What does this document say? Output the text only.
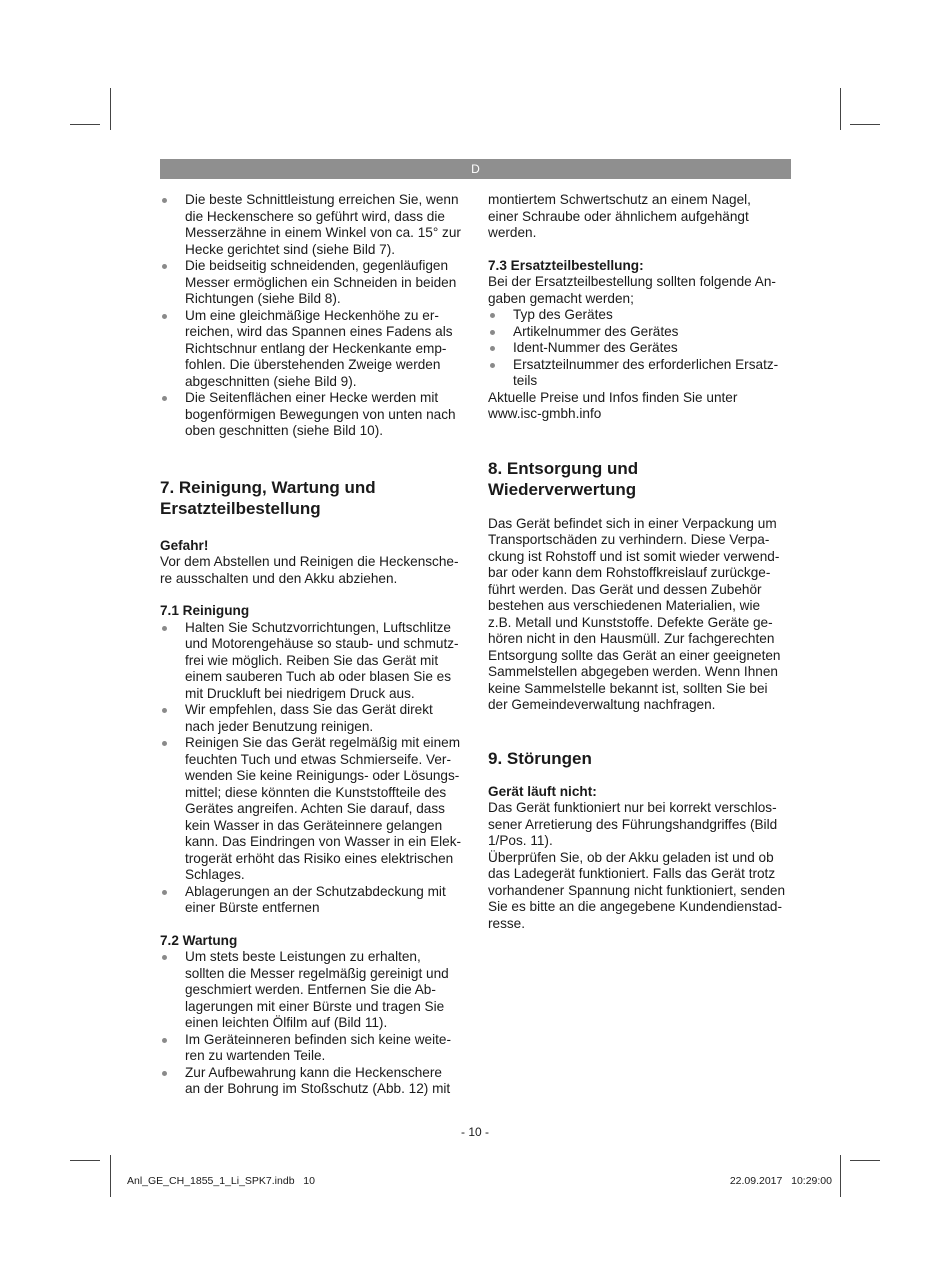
D
Die beste Schnittleistung erreichen Sie, wenn
die Heckenschere so geführt wird, dass die
Messerzähne in einem Winkel von ca. 15° zur
Hecke gerichtet sind (siehe Bild 7).
Die beidseitig schneidenden, gegenläufigen
Messer ermöglichen ein Schneiden in beiden
Richtungen (siehe Bild 8).
Um eine gleichmäßige Heckenhöhe zu er-
reichen, wird das Spannen eines Fadens als
Richtschnur entlang der Heckenkante emp-
fohlen. Die überstehenden Zweige werden
abgeschnitten (siehe Bild 9).
Die Seitenflächen einer Hecke werden mit
bogenförmigen Bewegungen von unten nach
oben geschnitten (siehe Bild 10).
7. Reinigung, Wartung und
Ersatzteilbestellung

Gefahr!

Vor dem Abstellen und Reinigen die Heckensche-
re ausschalten und den Akku abziehen.

7.1 Reinigung

Halten Sie Schutzvorrichtungen, Luftschlitze
und Motorengehäuse so staub- und schmutz-
frei wie möglich. Reiben Sie das Gerät mit
einem sauberen Tuch ab oder blasen Sie es
mit Druckluft bei niedrigem Druck aus.
Wir empfehlen, dass Sie das Gerät direkt
nach jeder Benutzung reinigen.
Reinigen Sie das Gerät regelmäßig mit einem
feuchten Tuch und etwas Schmierseife. Ver-
wenden Sie keine Reinigungs- oder Lösungs-
mittel; diese könnten die Kunststoffteile des
Gerätes angreifen. Achten Sie darauf, dass
kein Wasser in das Geräteinnere gelangen
kann. Das Eindringen von Wasser in ein Elek-
trogerät erhöht das Risiko eines elektrischen
Schlages.
Ablagerungen an der Schutzabdeckung mit
einer Bürste entfernen

7.2 Wartung

Um stets beste Leistungen zu erhalten,
sollten die Messer regelmäßig gereinigt und
geschmiert werden. Entfernen Sie die Ab-
lagerungen mit einer Bürste und tragen Sie
einen leichten Ölfilm auf (Bild 11).
Im Geräteinneren befinden sich keine weite-
ren zu wartenden Teile.
Zur Aufbewahrung kann die Heckenschere
an der Bohrung im Stoßschutz (Abb. 12) mit

montiertem Schwertschutz an einem Nagel,
einer Schraube oder ähnlichem aufgehängt
werden.

7.3 Ersatzteilbestellung:

Bei der Ersatzteilbestellung sollten folgende An-
gaben gemacht werden;

Typ des Gerätes
Artikelnummer des Gerätes
Ident-Nummer des Gerätes
Ersatzteilnummer des erforderlichen Ersatz-
teils

Aktuelle Preise und Infos finden Sie unter
www.isc-gmbh.info

8. Entsorgung und
Wiederverwertung

Das Gerät befindet sich in einer Verpackung um
Transportschäden zu verhindern. Diese Verpa-
ckung ist Rohstoff und ist somit wieder verwend-
bar oder kann dem Rohstoffkreislauf zurückge-
führt werden. Das Gerät und dessen Zubehör
bestehen aus verschiedenen Materialien, wie
z.B. Metall und Kunststoffe. Defekte Geräte ge-
hören nicht in den Hausmüll. Zur fachgerechten
Entsorgung sollte das Gerät an einer geeigneten
Sammelstellen abgegeben werden. Wenn Ihnen
keine Sammelstelle bekannt ist, sollten Sie bei
der Gemeindeverwaltung nachfragen.

9. Störungen

Gerät läuft nicht:

Das Gerät funktioniert nur bei korrekt verschlos-
sener Arretierung des Führungshandgriffes (Bild
1/Pos. 11).

Überprüfen Sie, ob der Akku geladen ist und ob
das Ladegerät funktioniert. Falls das Gerät trotz
vorhandener Spannung nicht funktioniert, senden
Sie es bitte an die angegebene Kundendienstad-
resse.

- 10 -
Anl_GE_CH_1855_1_Li_SPK7.indb   10	22.09.2017   10:29:00
